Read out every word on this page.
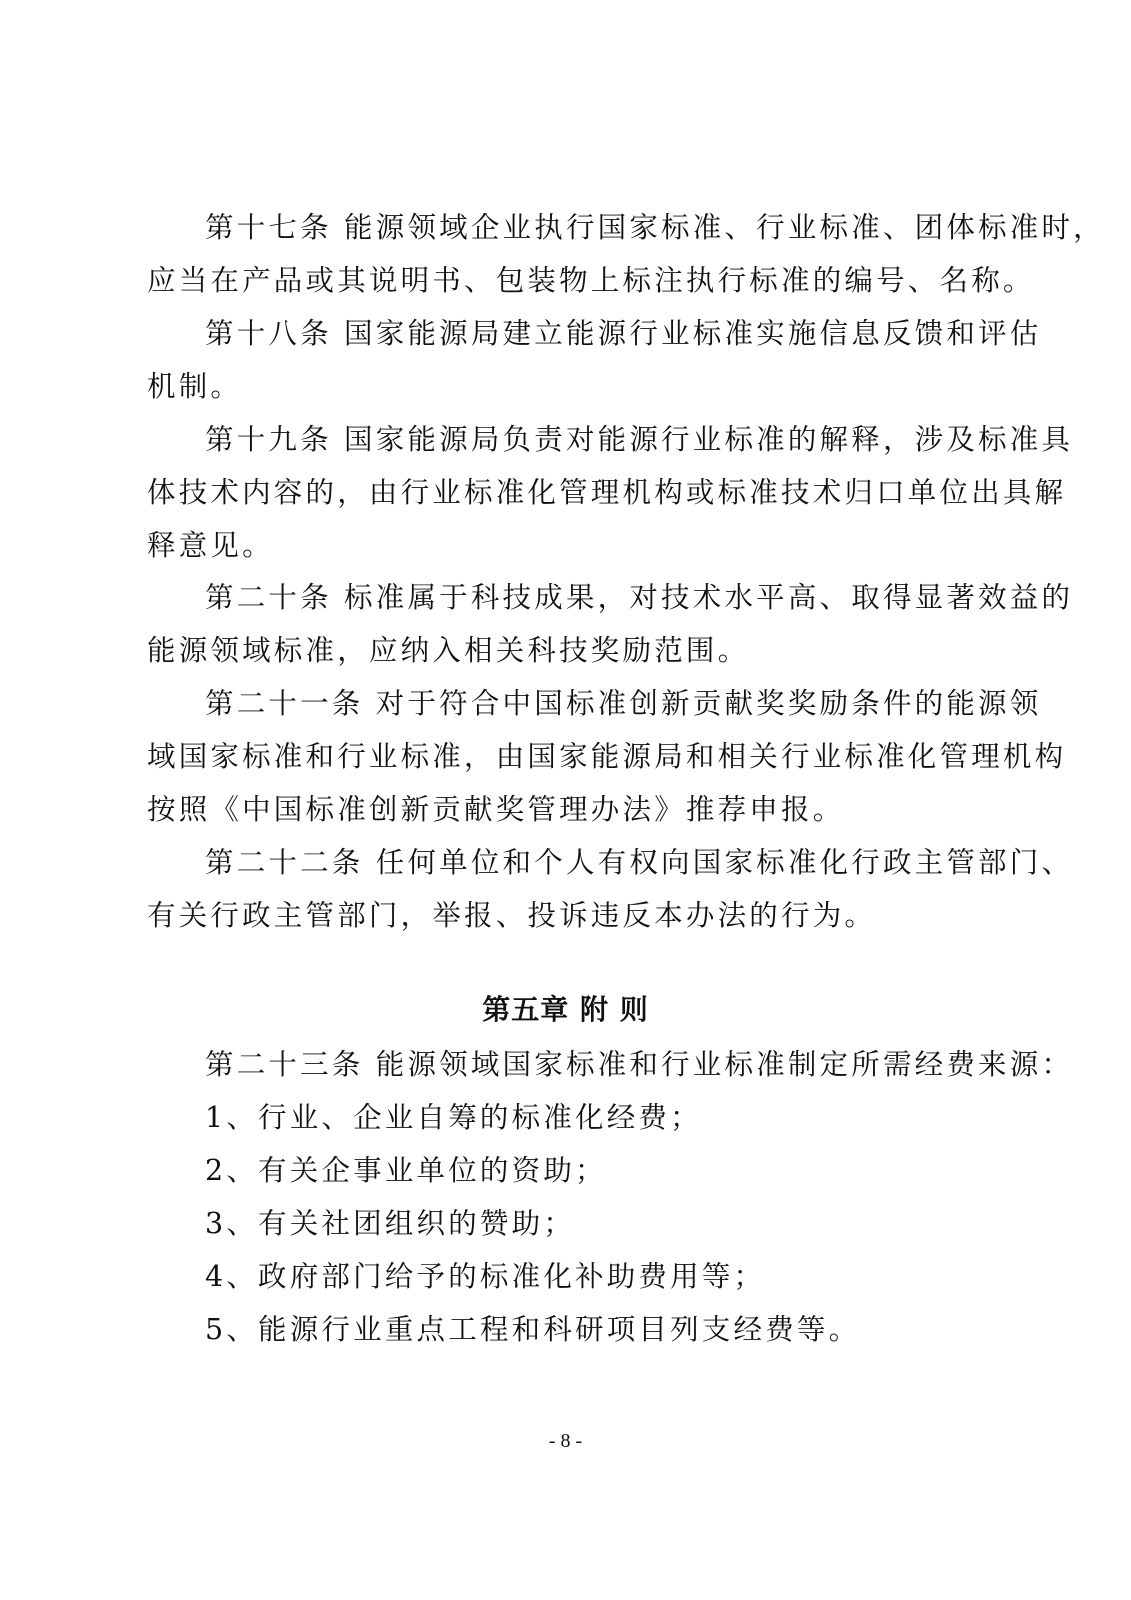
第十七条 能源领域企业执行国家标准、行业标准、团体标准时，
应当在产品或其说明书、包装物上标注执行标准的编号、名称。
第十八条 国家能源局建立能源行业标准实施信息反馈和评估
机制。
第十九条 国家能源局负责对能源行业标准的解释，涉及标准具
体技术内容的，由行业标准化管理机构或标准技术归口单位出具解
释意见。
第二十条 标准属于科技成果，对技术水平高、取得显著效益的
能源领域标准，应纳入相关科技奖励范围。
第二十一条 对于符合中国标准创新贡献奖奖励条件的能源领
域国家标准和行业标准，由国家能源局和相关行业标准化管理机构
按照《中国标准创新贡献奖管理办法》推荐申报。
第二十二条 任何单位和个人有权向国家标准化行政主管部门、
有关行政主管部门，举报、投诉违反本办法的行为。
第五章 附 则
第二十三条 能源领域国家标准和行业标准制定所需经费来源：
1、行业、企业自筹的标准化经费；
2、有关企事业单位的资助；
3、有关社团组织的赞助；
4、政府部门给予的标准化补助费用等；
5、能源行业重点工程和科研项目列支经费等。
- 8 -
